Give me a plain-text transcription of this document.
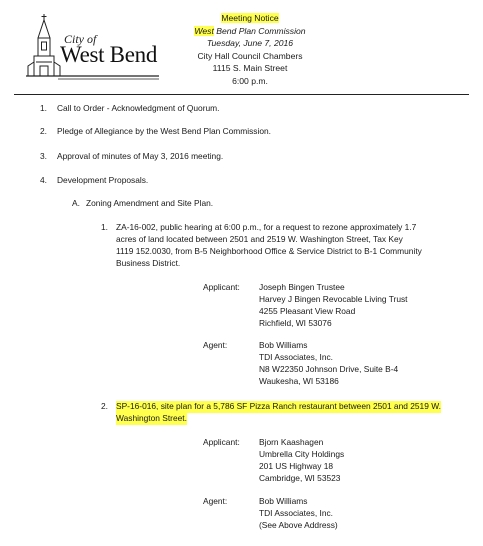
City of
West Bend
Meeting Notice
West Bend Plan Commission
Tuesday, June 7, 2016
City Hall Council Chambers
1115 S. Main Street
6:00 p.m.
1. Call to Order - Acknowledgment of Quorum.
2. Pledge of Allegiance by the West Bend Plan Commission.
3. Approval of minutes of May 3, 2016 meeting.
4. Development Proposals.
A. Zoning Amendment and Site Plan.
1. ZA-16-002, public hearing at 6:00 p.m., for a request to rezone approximately 1.7
acres of land located between 2501 and 2519 W. Washington Street, Tax Key
1119 152.0030, from B-5 Neighborhood Office & Service District to B-1 Community
Business District.
Applicant: Joseph Bingen Trustee
Harvey J Bingen Revocable Living Trust
4255 Pleasant View Road
Richfield, WI 53076
Agent:	Bob Williams
TDI Associates, Inc.
N8 W22350 Johnson Drive, Suite B-4
Waukesha, WI 53186
2. SP-16-016, site plan for a 5,786 SF Pizza Ranch restaurant between 2501 and 2519 W.
Washington Street.
Applicant: Bjorn Kaashagen
Umbrella City Holdings
201 US Highway 18
Cambridge, WI 53523
Agent:	Bob Williams
TDI Associates, Inc.
(See Above Address)
